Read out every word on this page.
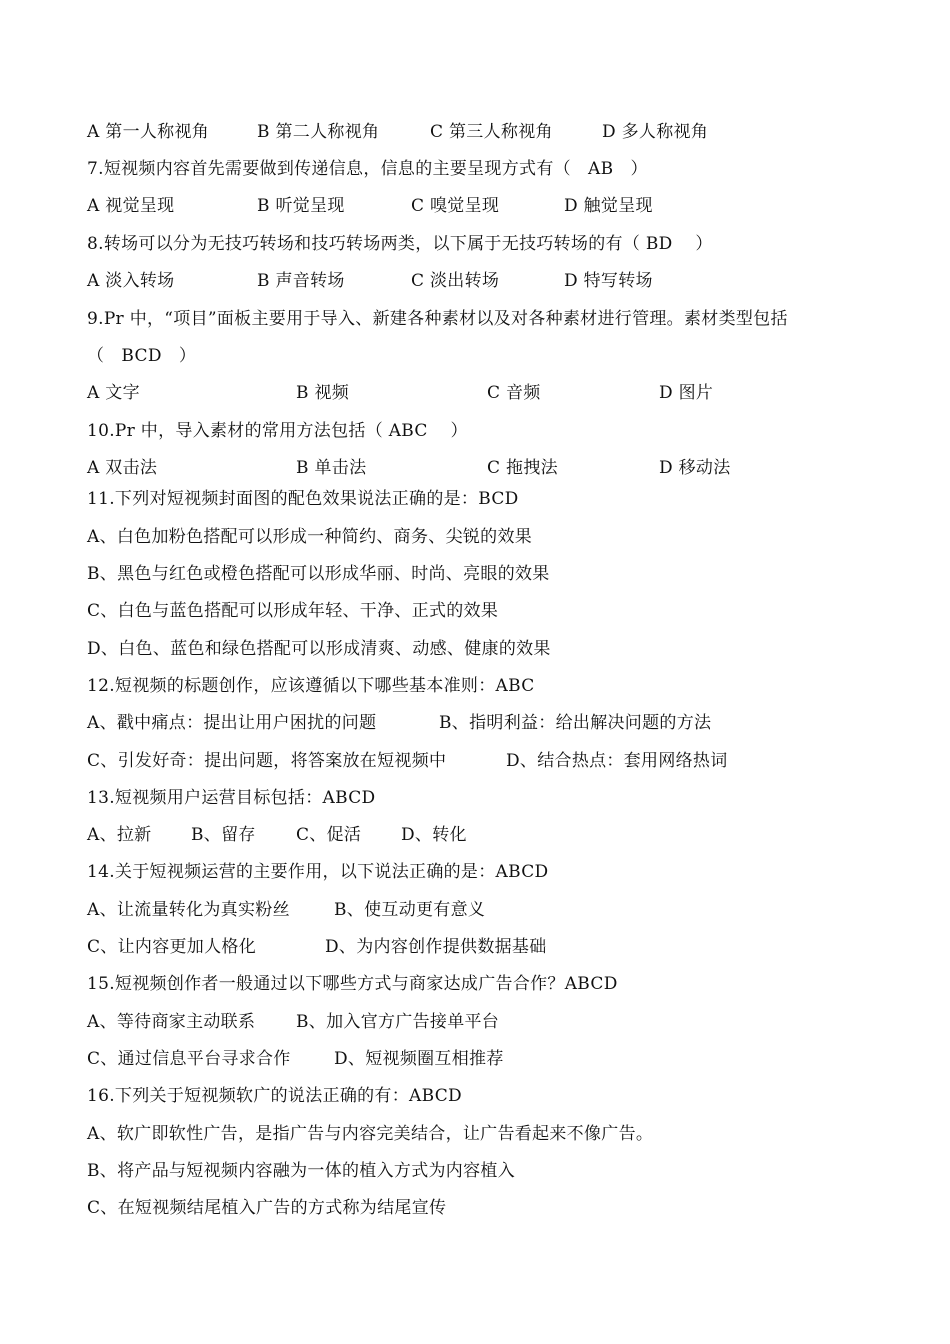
A 第一人称视角

	B 第二人称视角

	C 第三人称视角

	D 多人称视角

7.短视频内容首先需要做到传递信息，信息的主要呈现方式有（   AB   ）

A 视觉呈现

	B 听觉呈现

	C 嗅觉呈现

	D 触觉呈现

8.转场可以分为无技巧转场和技巧转场两类，以下属于无技巧转场的有（ BD    ）

A 淡入转场

	B 声音转场

	C 淡出转场

	D 特写转场

9.Pr 中，“项目”面板主要用于导入、新建各种素材以及对各种素材进行管理。素材类型包括
（   BCD   ）

A 文字

	B 视频

	C 音频

	D 图片

10.Pr 中，导入素材的常用方法包括（ ABC    ）

A 双击法

	B 单击法

	C 拖拽法

	D 移动法

11.下列对短视频封面图的配色效果说法正确的是：BCD
A、白色加粉色搭配可以形成一种简约、商务、尖锐的效果
B、黑色与红色或橙色搭配可以形成华丽、时尚、亮眼的效果
C、白色与蓝色搭配可以形成年轻、干净、正式的效果
D、白色、蓝色和绿色搭配可以形成清爽、动感、健康的效果
12.短视频的标题创作，应该遵循以下哪些基本准则：ABC

A、戳中痛点：提出让用户困扰的问题

	B、指明利益：给出解决问题的方法

C、引发好奇：提出问题，将答案放在短视频中

	D、结合热点：套用网络热词

13.短视频用户运营目标包括：ABCD

A、拉新

B、留存

C、促活

D、转化

14.关于短视频运营的主要作用，以下说法正确的是：ABCD

A、让流量转化为真实粉丝

	B、使互动更有意义

C、让内容更加人格化

	D、为内容创作提供数据基础

15.短视频创作者一般通过以下哪些方式与商家达成广告合作？ABCD

A、等待商家主动联系

B、加入官方广告接单平台

C、通过信息平台寻求合作

	D、短视频圈互相推荐

16.下列关于短视频软广的说法正确的有：ABCD
A、软广即软性广告，是指广告与内容完美结合，让广告看起来不像广告。
B、将产品与短视频内容融为一体的植入方式为内容植入
C、在短视频结尾植入广告的方式称为结尾宣传
